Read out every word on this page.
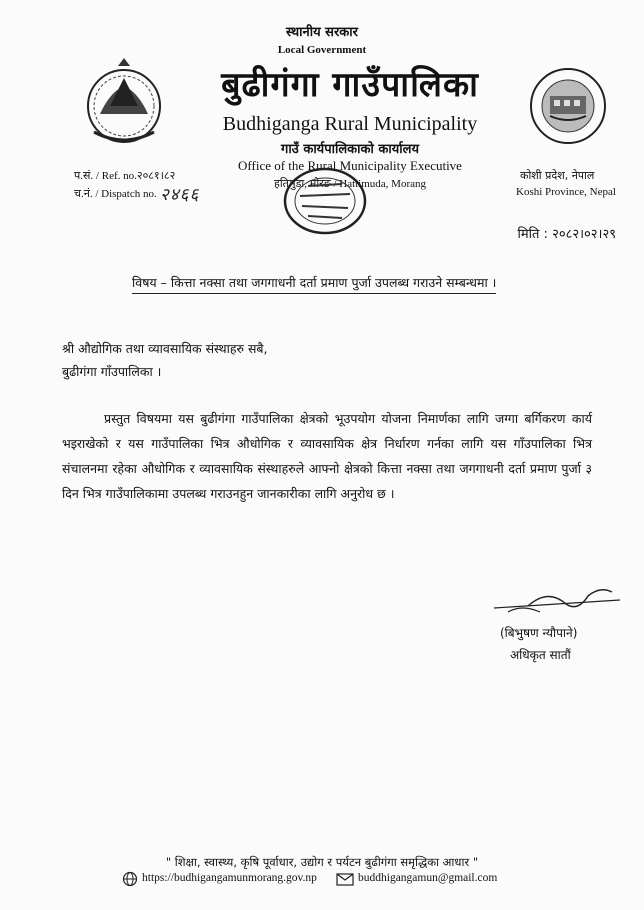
स्थानीय सरकार
Local Government
बुढीगंगा गाउँपालिका
Budhiganga Rural Municipality
गाउँ कार्यपालिकाको कार्यालय
Office of the Rural Municipality Executive
हतिमुडा, मोरङ / Hattimuda, Morang
कोशी प्रदेश, नेपाल
Koshi Province, Nepal
प.सं. / Ref. no.२०८१।८२
च.नं. / Dispatch no. २४६६
मिति : २०८२।०२।२९
विषय – कित्ता नक्सा तथा जगगाधनी दर्ता प्रमाण पुर्जा उपलब्ध गराउने सम्बन्धमा ।
श्री औद्योगिक तथा व्यावसायिक संस्थाहरु सबै,
बुढीगंगा गाँउपालिका ।
प्रस्तुत विषयमा यस बुढीगंगा गाउँपालिका क्षेत्रको भूउपयोग योजना निमार्णका लागि जग्गा बर्गिकरण कार्य भइराखेको र यस गाउँपालिका भित्र औधोगिक र व्यावसायिक क्षेत्र निर्धारण गर्नका लागि यस गाँउपालिका भित्र संचालनमा रहेका औधोगिक र व्यावसायिक संस्थाहरुले आफ्नो क्षेत्रको कित्ता नक्सा तथा जगगाधनी दर्ता प्रमाण पुर्जा ३ दिन भित्र गाउँपालिकामा उपलब्ध गराउनहुन जानकारीका लागि अनुरोध छ ।
(बिभुषण न्यौपाने)
अधिकृत सातौं
" शिक्षा, स्वास्थ्य, कृषि पूर्वाधार, उद्योग र पर्यटन बुढीगंगा समृद्धिका आधार "
https://budhigangamunmorang.gov.np	buddhigangamun@gmail.com
